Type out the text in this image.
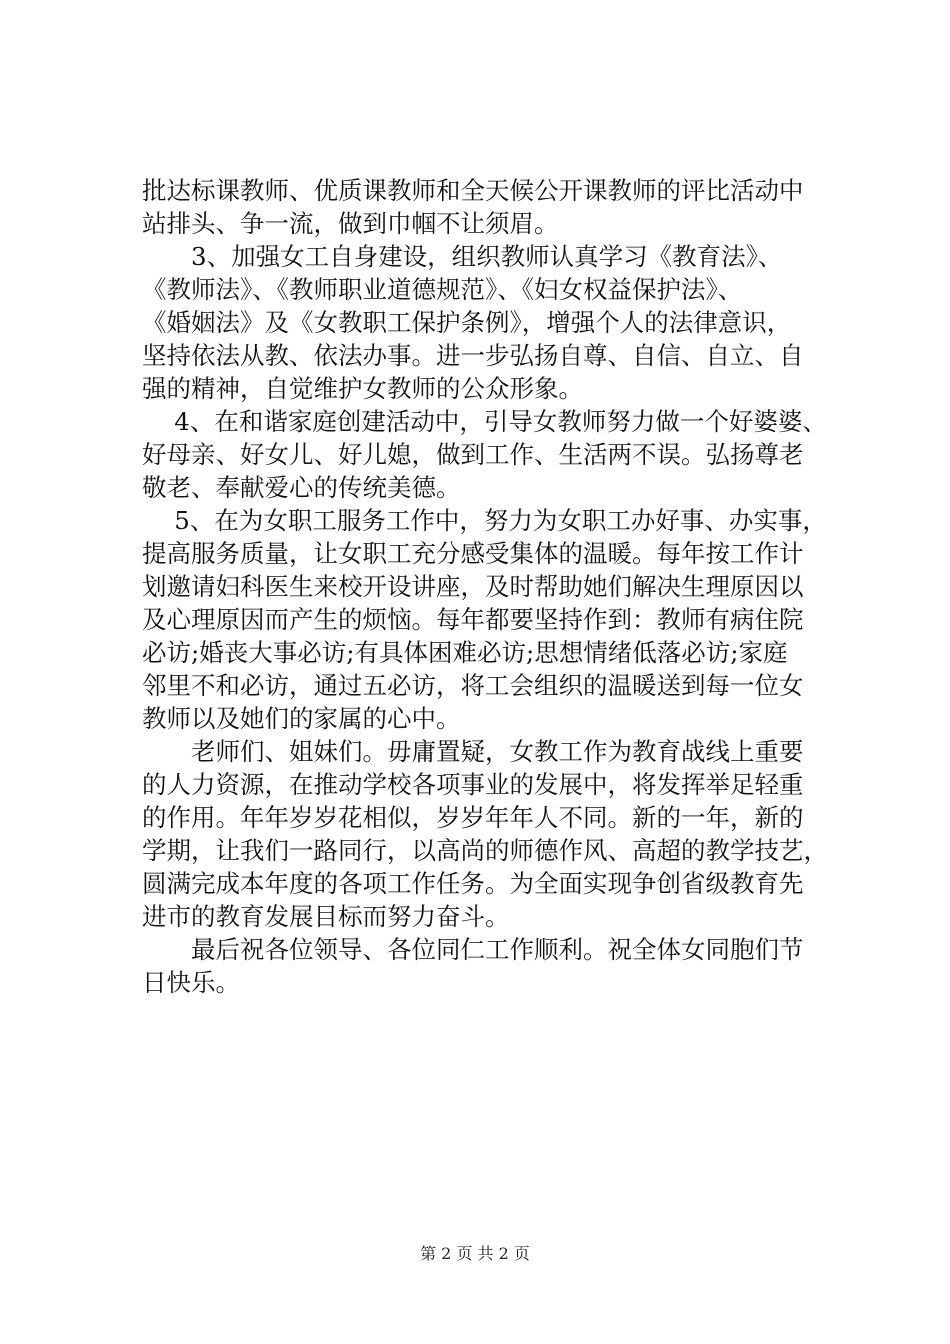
批达标课教师、优质课教师和全天候公开课教师的评比活动中
站排头、争一流，做到巾帼不让须眉。
　　3、加强女工自身建设，组织教师认真学习《教育法》、
《教师法》、《教师职业道德规范》、《妇女权益保护法》、
《婚姻法》及《女教职工保护条例》，增强个人的法律意识，
坚持依法从教、依法办事。进一步弘扬自尊、自信、自立、自
强的精神，自觉维护女教师的公众形象。
　 4、在和谐家庭创建活动中，引导女教师努力做一个好婆婆、
好母亲、好女儿、好儿媳，做到工作、生活两不误。弘扬尊老
敬老、奉献爱心的传统美德。
　 5、在为女职工服务工作中，努力为女职工办好事、办实事，
提高服务质量，让女职工充分感受集体的温暖。每年按工作计
划邀请妇科医生来校开设讲座，及时帮助她们解决生理原因以
及心理原因而产生的烦恼。每年都要坚持作到：教师有病住院
必访;婚丧大事必访;有具体困难必访;思想情绪低落必访;家庭
邻里不和必访，通过五必访，将工会组织的温暖送到每一位女
教师以及她们的家属的心中。
　　老师们、姐妹们。毋庸置疑，女教工作为教育战线上重要
的人力资源，在推动学校各项事业的发展中，将发挥举足轻重
的作用。年年岁岁花相似，岁岁年年人不同。新的一年，新的
学期，让我们一路同行，以高尚的师德作风、高超的教学技艺，
圆满完成本年度的各项工作任务。为全面实现争创省级教育先
进市的教育发展目标而努力奋斗。
　　最后祝各位领导、各位同仁工作顺利。祝全体女同胞们节
日快乐。
第 2 页 共 2 页
